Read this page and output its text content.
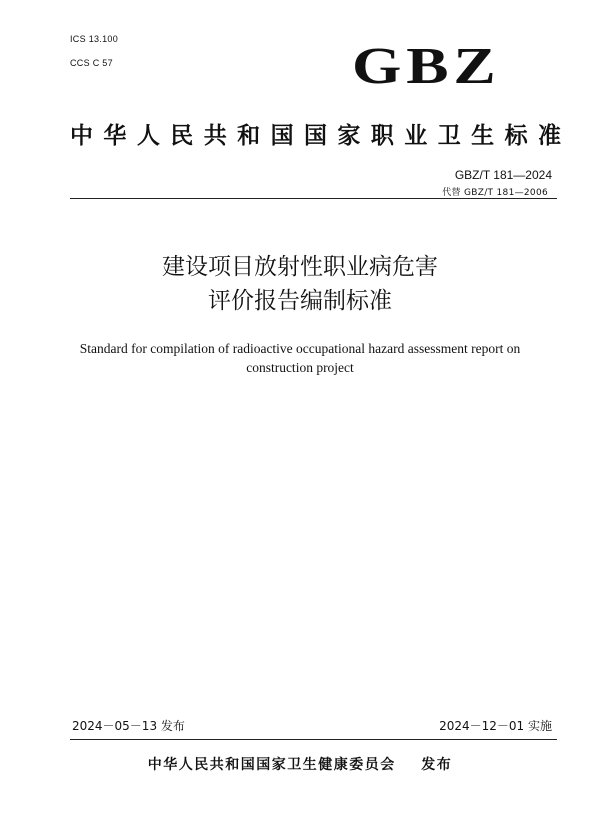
ICS 13.100
CCS C 57	GBZ
中华人民共和国国家职业卫生标准
GBZ/T 181—2024
代替 GBZ/T 181—2006
建设项目放射性职业病危害
评价报告编制标准
Standard for compilation of radioactive occupational hazard assessment report on
construction project
2024－05－13 发布	2024－12－01 实施
中华人民共和国国家卫生健康委员会    发布
